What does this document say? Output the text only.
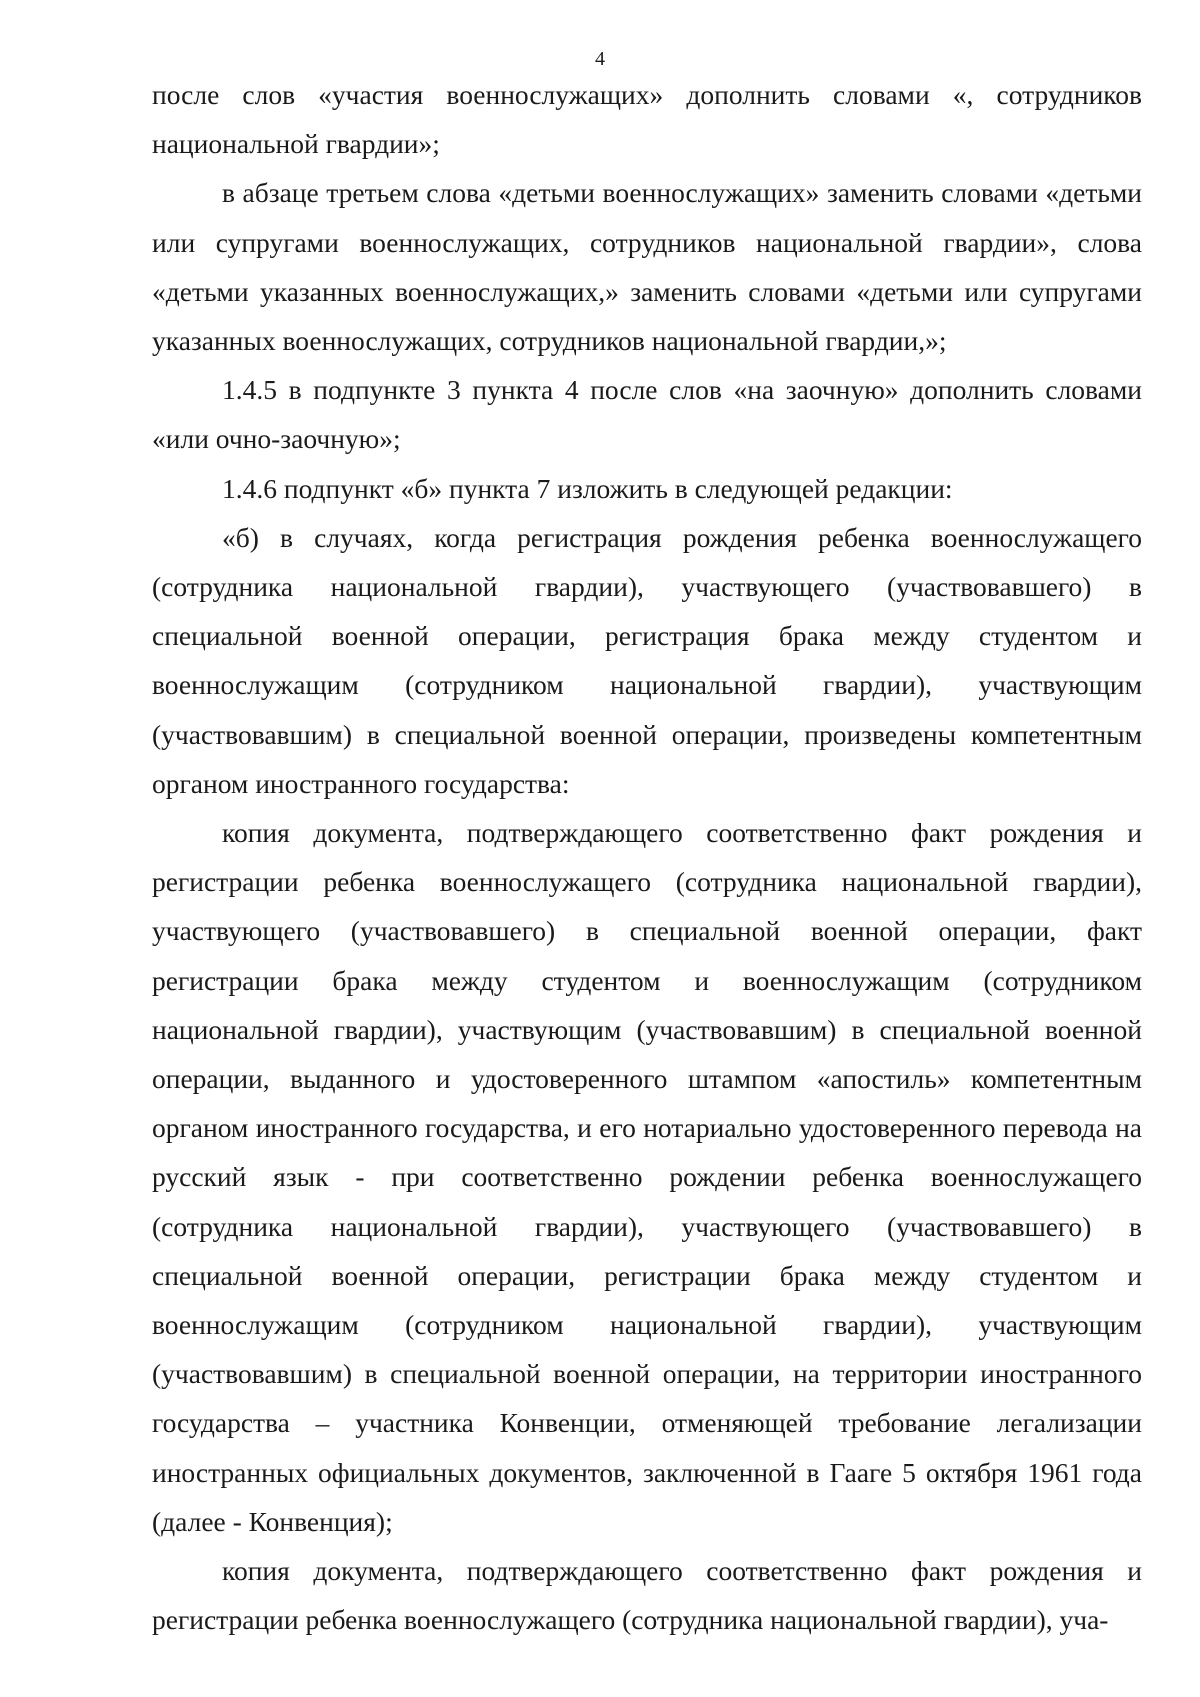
4

после слов «участия военнослужащих» дополнить словами «, сотрудников национальной гвардии»;

в абзаце третьем слова «детьми военнослужащих» заменить словами «детьми или супругами военнослужащих, сотрудников национальной гвардии», слова «детьми указанных военнослужащих,» заменить словами «детьми или супругами указанных военнослужащих, сотрудников национальной гвардии,»;

1.4.5 в подпункте 3 пункта 4 после слов «на заочную» дополнить словами «или очно-заочную»;

1.4.6 подпункт «б» пункта 7 изложить в следующей редакции:

«б) в случаях, когда регистрация рождения ребенка военнослужащего (сотрудника национальной гвардии), участвующего (участвовавшего) в специальной военной операции, регистрация брака между студентом и военнослужащим (сотрудником национальной гвардии), участвующим (участвовавшим) в специальной военной операции, произведены компетентным органом иностранного государства:

копия документа, подтверждающего соответственно факт рождения и регистрации ребенка военнослужащего (сотрудника национальной гвардии), участвующего (участвовавшего) в специальной военной операции, факт регистрации брака между студентом и военнослужащим (сотрудником национальной гвардии), участвующим (участвовавшим) в специальной военной операции, выданного и удостоверенного штампом «апостиль» компетентным органом иностранного государства, и его нотариально удостоверенного перевода на русский язык - при соответственно рождении ребенка военнослужащего (сотрудника национальной гвардии), участвующего (участвовавшего) в специальной военной операции, регистрации брака между студентом и военнослужащим (сотрудником национальной гвардии), участвующим (участвовавшим) в специальной военной операции, на территории иностранного государства – участника Конвенции, отменяющей требование легализации иностранных официальных документов, заключенной в Гааге 5 октября 1961 года (далее - Конвенция);

копия документа, подтверждающего соответственно факт рождения и регистрации ребенка военнослужащего (сотрудника национальной гвардии), уча-
